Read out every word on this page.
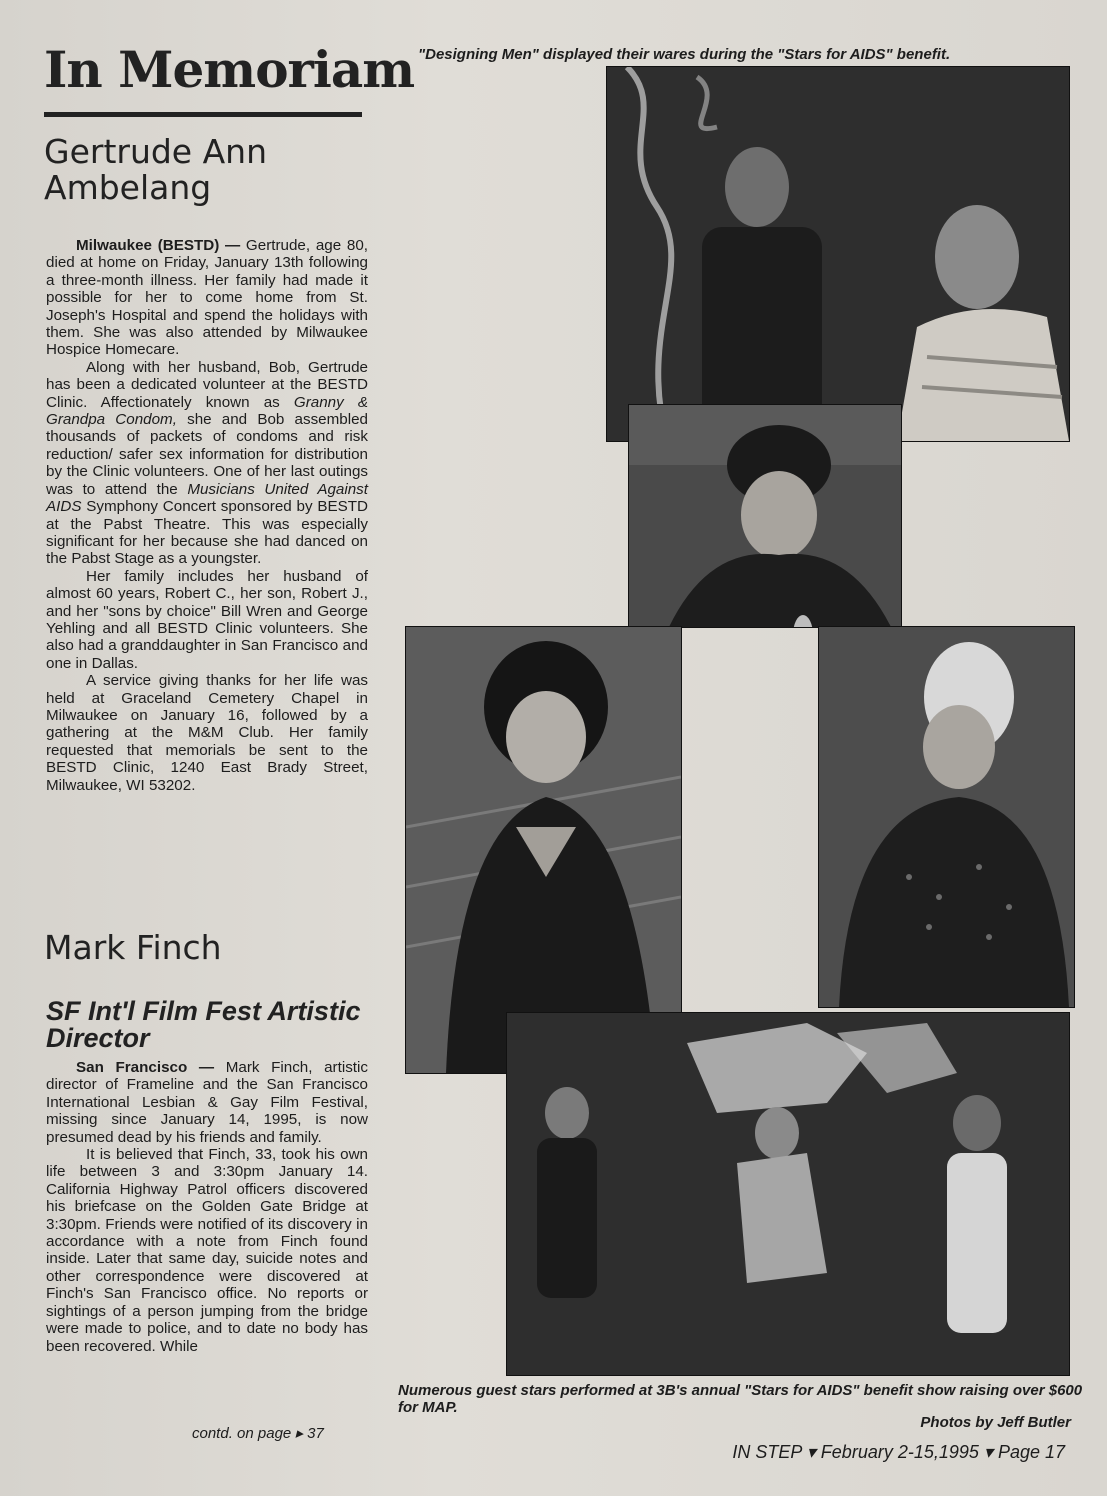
In Memoriam
Gertrude Ann Ambelang

Milwaukee (BESTD) — Gertrude, age 80, died at home on Friday, January 13th following a three-month illness. Her family had made it possible for her to come home from St. Joseph's Hospital and spend the holidays with them. She was also attended by Milwaukee Hospice Homecare.

Along with her husband, Bob, Gertrude has been a dedicated volunteer at the BESTD Clinic. Affectionately known as Granny & Grandpa Condom, she and Bob assembled thousands of packets of condoms and risk reduction/ safer sex information for distribution by the Clinic volunteers. One of her last outings was to attend the Musicians United Against AIDS Symphony Concert sponsored by BESTD at the Pabst Theatre. This was especially significant for her because she had danced on the Pabst Stage as a youngster.

Her family includes her husband of almost 60 years, Robert C., her son, Robert J., and her "sons by choice" Bill Wren and George Yehling and all BESTD Clinic volunteers. She also had a granddaughter in San Francisco and one in Dallas.

A service giving thanks for her life was held at Graceland Cemetery Chapel in Milwaukee on January 16, followed by a gathering at the M&M Club. Her family requested that memorials be sent to the BESTD Clinic, 1240 East Brady Street, Milwaukee, WI 53202.

Mark Finch
SF Int'l Film Fest Artistic Director

San Francisco — Mark Finch, artistic director of Frameline and the San Francisco International Lesbian & Gay Film Festival, missing since January 14, 1995, is now presumed dead by his friends and family.

It is believed that Finch, 33, took his own life between 3 and 3:30pm January 14. California Highway Patrol officers discovered his briefcase on the Golden Gate Bridge at 3:30pm. Friends were notified of its discovery in accordance with a note from Finch found inside. Later that same day, suicide notes and other correspondence were discovered at Finch's San Francisco office. No reports or sightings of a person jumping from the bridge were made to police, and to date no body has been recovered. While

contd. on page ▸ 37

"Designing Men" displayed their wares during the "Stars for AIDS" benefit.

Numerous guest stars performed at 3B's annual "Stars for AIDS" benefit show raising over $600 for MAP.

Photos by Jeff Butler
IN STEP ▾ February 2-15,1995 ▾ Page 17
